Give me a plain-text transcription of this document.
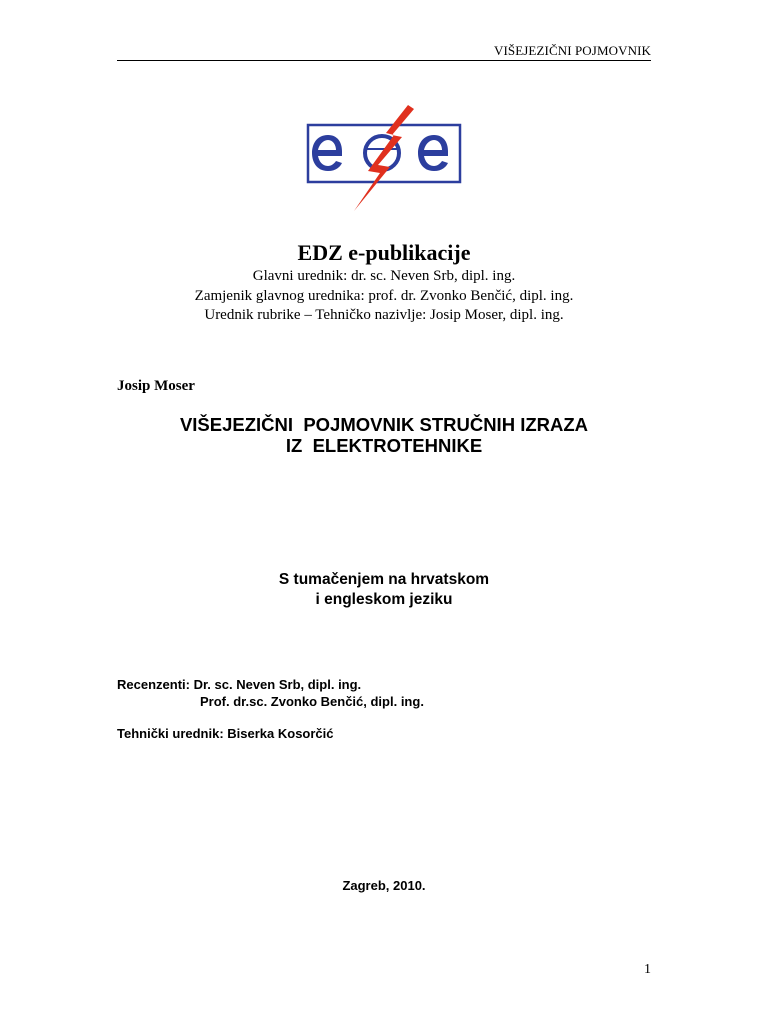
VIŠEJEZIČNI POJMOVNIK
EDZ e-publikacije
Glavni urednik: dr. sc. Neven Srb, dipl. ing.
Zamjenik glavnog urednika: prof. dr. Zvonko Benčić, dipl. ing.
Urednik rubrike – Tehničko nazivlje: Josip Moser, dipl. ing.
Josip Moser
VIŠEJEZIČNI  POJMOVNIK STRUČNIH IZRAZA
IZ  ELEKTROTEHNIKE
S tumačenjem na hrvatskom
i engleskom jeziku
Recenzenti: Dr. sc. Neven Srb, dipl. ing.
Prof. dr.sc. Zvonko Benčić, dipl. ing.
Tehnički urednik: Biserka Kosorčić
Zagreb, 2010.
1
